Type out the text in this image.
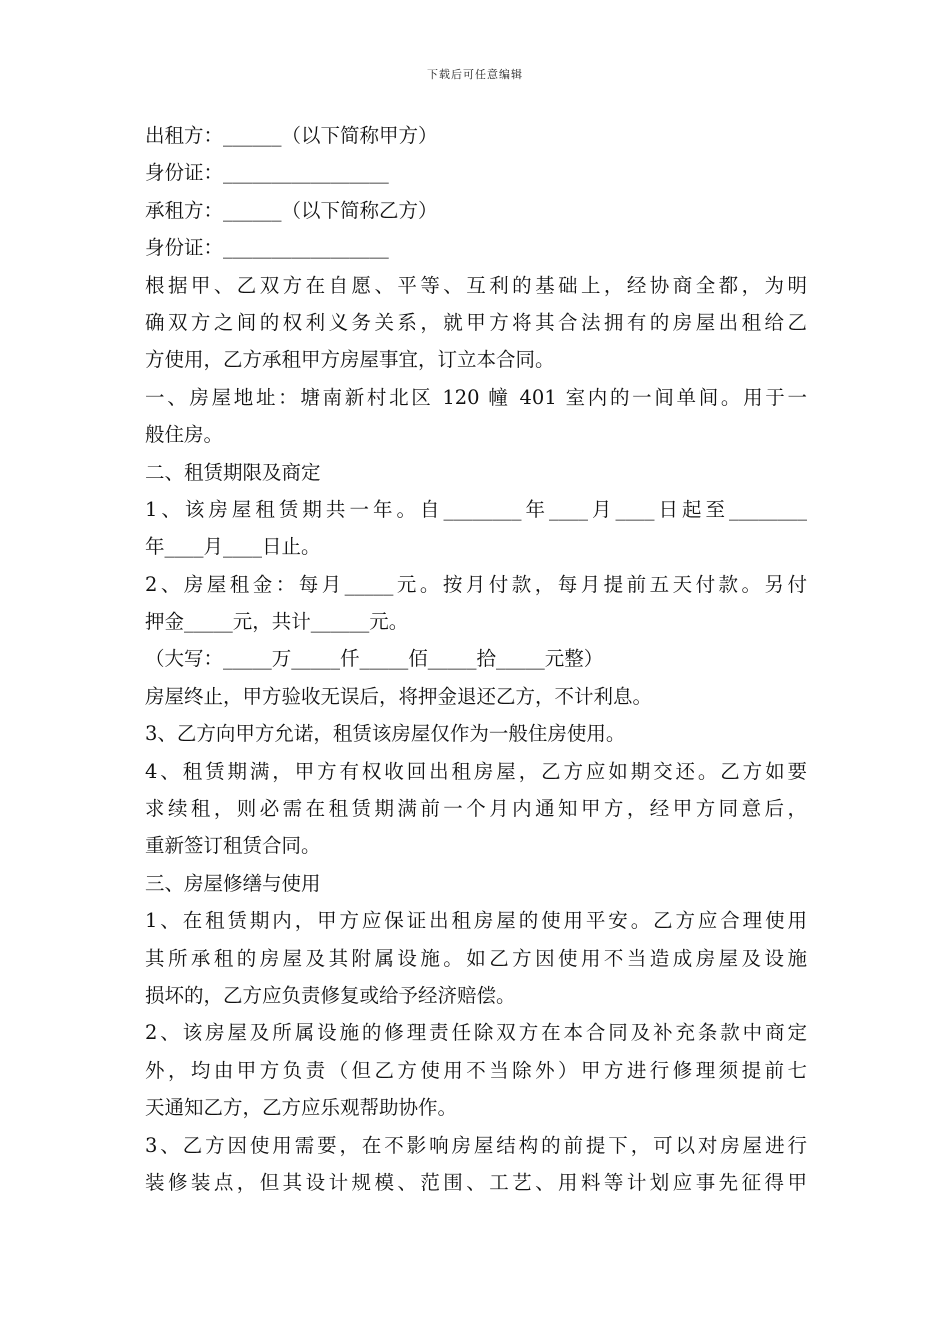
下载后可任意编辑
出租方：______（以下简称甲方）
身份证：_________________
承租方：______（以下简称乙方）
身份证：_________________
根据甲、乙双方在自愿、平等、互利的基础上，经协商全都，为明
确双方之间的权利义务关系，就甲方将其合法拥有的房屋出租给乙
方使用，乙方承租甲方房屋事宜，订立本合同。
一、房屋地址：塘南新村北区 120 幢 401 室内的一间单间。用于一
般住房。
二、租赁期限及商定
1、该房屋租赁期共一年。自________年____月____日起至________
年____月____日止。
2、房屋租金：每月_____元。按月付款，每月提前五天付款。另付
押金_____元，共计______元。
（大写：_____万_____仟_____佰_____拾_____元整）
房屋终止，甲方验收无误后，将押金退还乙方，不计利息。
3、乙方向甲方允诺，租赁该房屋仅作为一般住房使用。
4、租赁期满，甲方有权收回出租房屋，乙方应如期交还。乙方如要
求续租，则必需在租赁期满前一个月内通知甲方，经甲方同意后，
重新签订租赁合同。
三、房屋修缮与使用
1、在租赁期内，甲方应保证出租房屋的使用平安。乙方应合理使用
其所承租的房屋及其附属设施。如乙方因使用不当造成房屋及设施
损坏的，乙方应负责修复或给予经济赔偿。
2、该房屋及所属设施的修理责任除双方在本合同及补充条款中商定
外，均由甲方负责（但乙方使用不当除外）甲方进行修理须提前七
天通知乙方，乙方应乐观帮助协作。
3、乙方因使用需要，在不影响房屋结构的前提下，可以对房屋进行
装修装点，但其设计规模、范围、工艺、用料等计划应事先征得甲
